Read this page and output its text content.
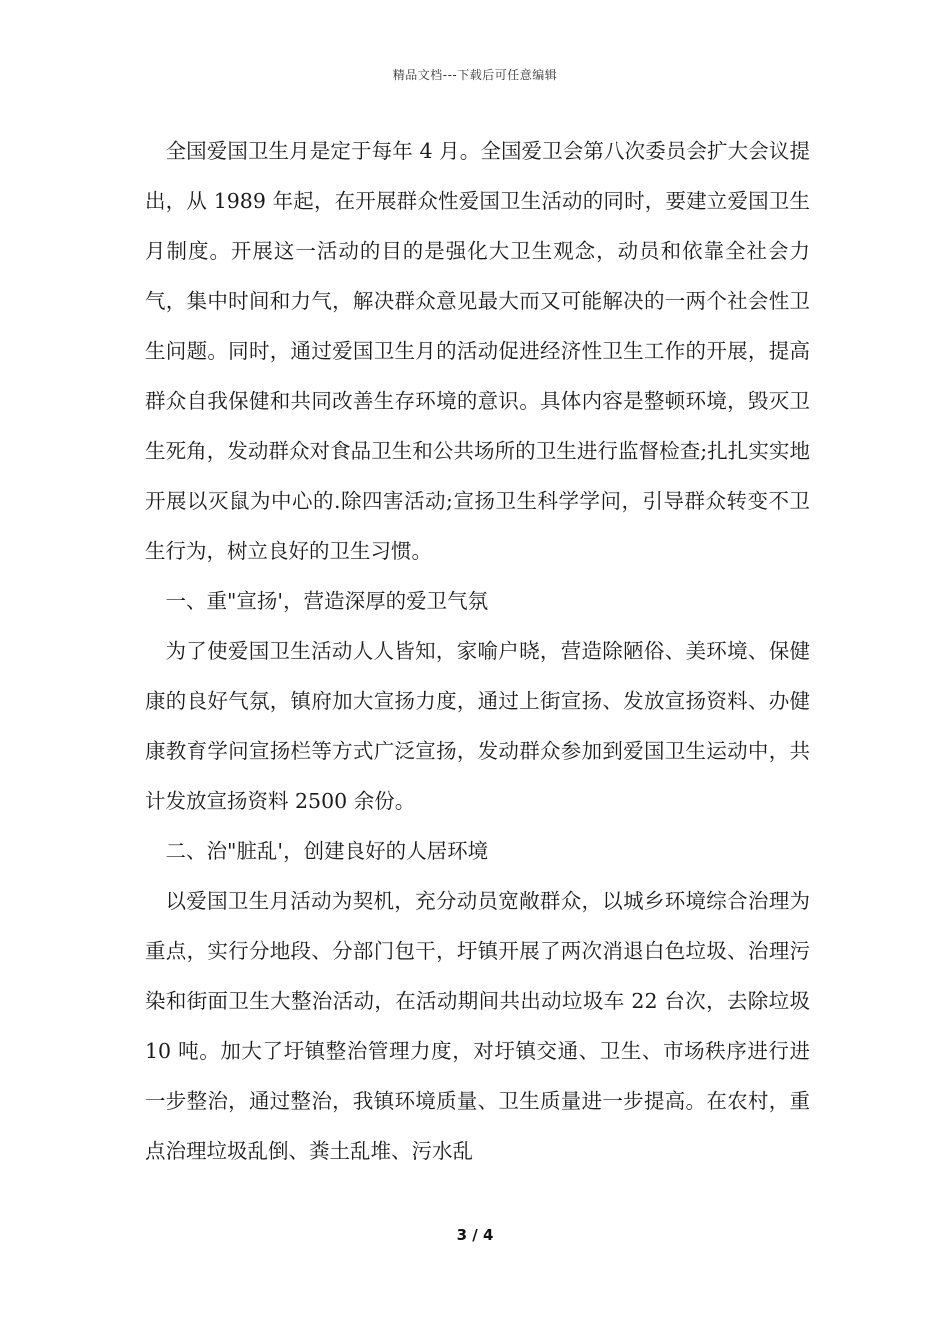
精品文档---下载后可任意编辑

全国爱国卫生月是定于每年 4 月。全国爱卫会第八次委员会扩大会议提出，从 1989 年起，在开展群众性爱国卫生活动的同时，要建立爱国卫生月制度。开展这一活动的目的是强化大卫生观念，动员和依靠全社会力气，集中时间和力气，解决群众意见最大而又可能解决的一两个社会性卫生问题。同时，通过爱国卫生月的活动促进经济性卫生工作的开展，提高群众自我保健和共同改善生存环境的意识。具体内容是整顿环境，毁灭卫生死角，发动群众对食品卫生和公共场所的卫生进行监督检查;扎扎实实地开展以灭鼠为中心的.除四害活动;宣扬卫生科学学问，引导群众转变不卫生行为，树立良好的卫生习惯。

一、重"宣扬'，营造深厚的爱卫气氛

为了使爱国卫生活动人人皆知，家喻户晓，营造除陋俗、美环境、保健康的良好气氛，镇府加大宣扬力度，通过上街宣扬、发放宣扬资料、办健康教育学问宣扬栏等方式广泛宣扬，发动群众参加到爱国卫生运动中，共计发放宣扬资料 2500 余份。

二、治"脏乱'，创建良好的人居环境

以爱国卫生月活动为契机，充分动员宽敞群众，以城乡环境综合治理为重点，实行分地段、分部门包干，圩镇开展了两次消退白色垃圾、治理污染和街面卫生大整治活动，在活动期间共出动垃圾车 22 台次，去除垃圾 10 吨。加大了圩镇整治管理力度，对圩镇交通、卫生、市场秩序进行进一步整治，通过整治，我镇环境质量、卫生质量进一步提高。在农村，重点治理垃圾乱倒、粪土乱堆、污水乱

3 / 4
